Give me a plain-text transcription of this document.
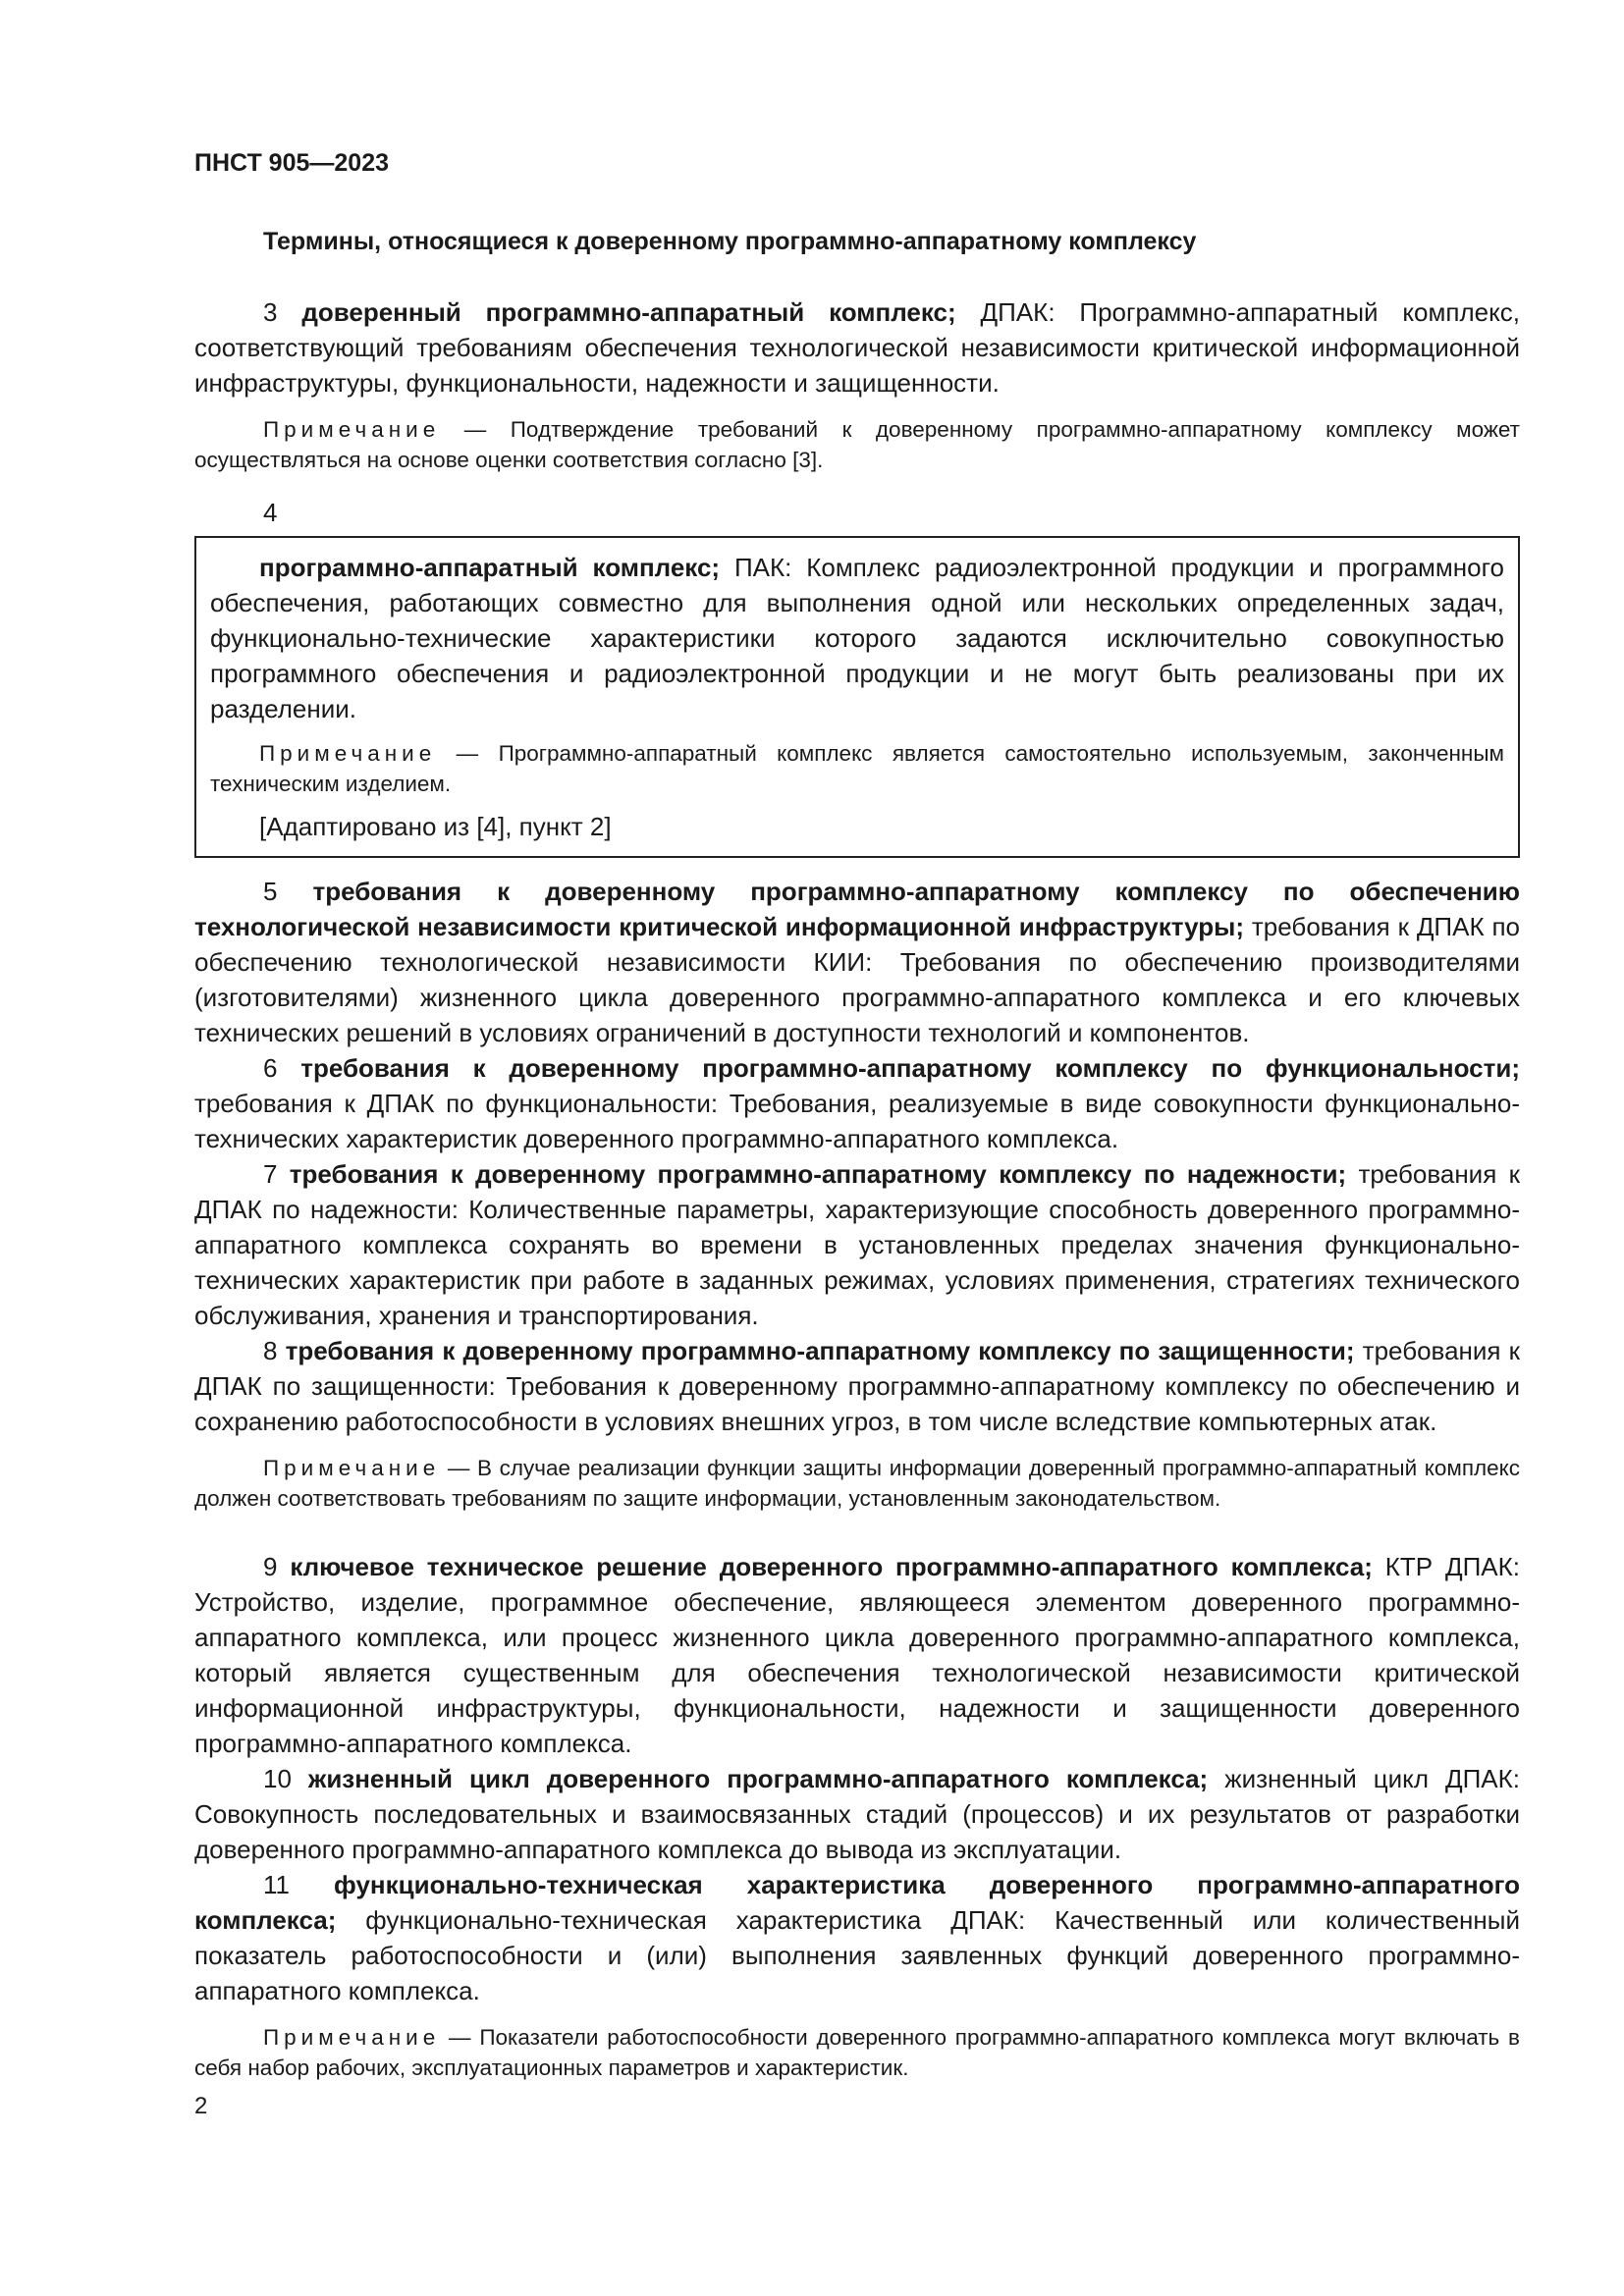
ПНСТ 905—2023
Термины, относящиеся к доверенному программно-аппаратному комплексу

3 доверенный программно-аппаратный комплекс; ДПАК: Программно-аппаратный комплекс, соответствующий требованиям обеспечения технологической независимости критической информационной инфраструктуры, функциональности, надежности и защищенности.

Примечание — Подтверждение требований к доверенному программно-аппаратному комплексу может осуществляться на основе оценки соответствия согласно [3].

4

программно-аппаратный комплекс; ПАК: Комплекс радиоэлектронной продукции и программного обеспечения, работающих совместно для выполнения одной или нескольких определенных задач, функционально-технические характеристики которого задаются исключительно совокупностью программного обеспечения и радиоэлектронной продукции и не могут быть реализованы при их разделении.

Примечание — Программно-аппаратный комплекс является самостоятельно используемым, законченным техническим изделием.

[Адаптировано из [4], пункт 2]

5 требования к доверенному программно-аппаратному комплексу по обеспечению технологической независимости критической информационной инфраструктуры; требования к ДПАК по обеспечению технологической независимости КИИ: Требования по обеспечению производителями (изготовителями) жизненного цикла доверенного программно-аппаратного комплекса и его ключевых технических решений в условиях ограничений в доступности технологий и компонентов.

6 требования к доверенному программно-аппаратному комплексу по функциональности; требования к ДПАК по функциональности: Требования, реализуемые в виде совокупности функционально-технических характеристик доверенного программно-аппаратного комплекса.

7 требования к доверенному программно-аппаратному комплексу по надежности; требования к ДПАК по надежности: Количественные параметры, характеризующие способность доверенного программно-аппаратного комплекса сохранять во времени в установленных пределах значения функционально-технических характеристик при работе в заданных режимах, условиях применения, стратегиях технического обслуживания, хранения и транспортирования.

8 требования к доверенному программно-аппаратному комплексу по защищенности; требования к ДПАК по защищенности: Требования к доверенному программно-аппаратному комплексу по обеспечению и сохранению работоспособности в условиях внешних угроз, в том числе вследствие компьютерных атак.

Примечание — В случае реализации функции защиты информации доверенный программно-аппаратный комплекс должен соответствовать требованиям по защите информации, установленным законодательством.

9 ключевое техническое решение доверенного программно-аппаратного комплекса; КТР ДПАК: Устройство, изделие, программное обеспечение, являющееся элементом доверенного программно-аппаратного комплекса, или процесс жизненного цикла доверенного программно-аппаратного комплекса, который является существенным для обеспечения технологической независимости критической информационной инфраструктуры, функциональности, надежности и защищенности доверенного программно-аппаратного комплекса.

10 жизненный цикл доверенного программно-аппаратного комплекса; жизненный цикл ДПАК: Совокупность последовательных и взаимосвязанных стадий (процессов) и их результатов от разработки доверенного программно-аппаратного комплекса до вывода из эксплуатации.

11 функционально-техническая характеристика доверенного программно-аппаратного комплекса; функционально-техническая характеристика ДПАК: Качественный или количественный показатель работоспособности и (или) выполнения заявленных функций доверенного программно-аппаратного комплекса.

Примечание — Показатели работоспособности доверенного программно-аппаратного комплекса могут включать в себя набор рабочих, эксплуатационных параметров и характеристик.

2
